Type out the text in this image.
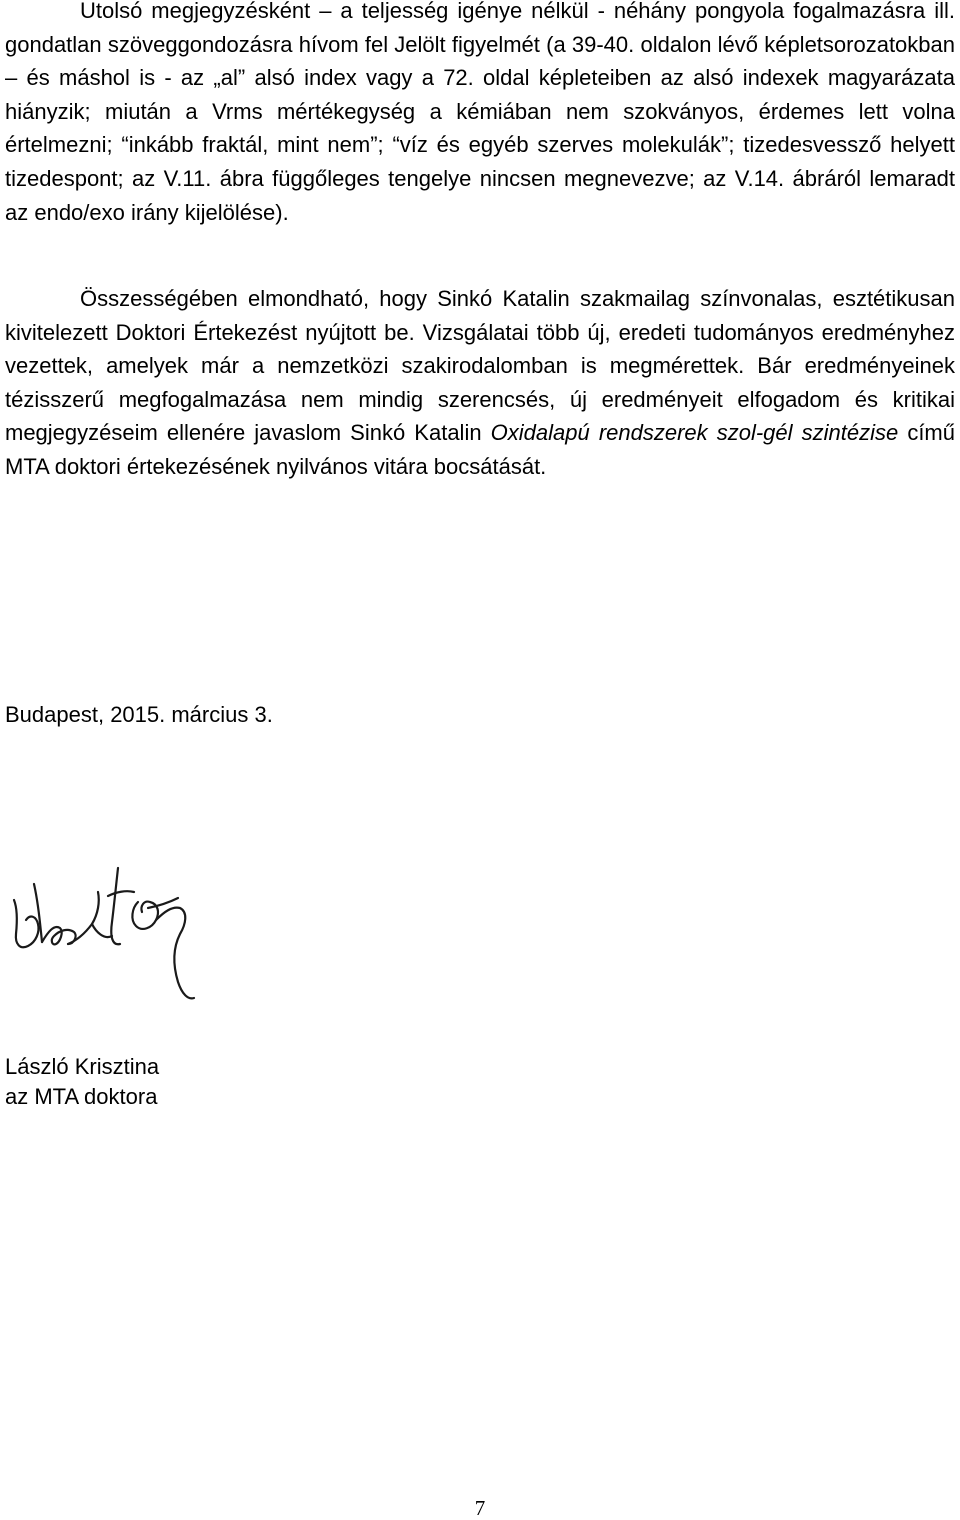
Utolsó megjegyzésként – a teljesség igénye nélkül - néhány pongyola fogalmazásra ill. gondatlan szöveggondozásra hívom fel Jelölt figyelmét (a 39-40. oldalon lévő képletsorozatokban – és máshol is - az „al” alsó index vagy a 72. oldal képleteiben az alsó indexek magyarázata hiányzik; miután a Vrms mértékegység a kémiában nem szokványos, érdemes lett volna értelmezni; “inkább fraktál, mint nem”; “víz és egyéb szerves molekulák”; tizedesvessző helyett tizedespont; az V.11. ábra függőleges tengelye nincsen megnevezve; az V.14. ábráról lemaradt az endo/exo irány kijelölése).

Összességében elmondható, hogy Sinkó Katalin szakmailag színvonalas, esztétikusan kivitelezett Doktori Értekezést nyújtott be. Vizsgálatai több új, eredeti tudományos eredményhez vezettek, amelyek már a nemzetközi szakirodalomban is megmérettek. Bár eredményeinek tézisszerű megfogalmazása nem mindig szerencsés, új eredményeit elfogadom és kritikai megjegyzéseim ellenére javaslom Sinkó Katalin Oxidalapú rendszerek szol-gél szintézise című MTA doktori értekezésének nyilvános vitára bocsátását.

Budapest, 2015. március 3.
László Krisztina
az MTA doktora
7
